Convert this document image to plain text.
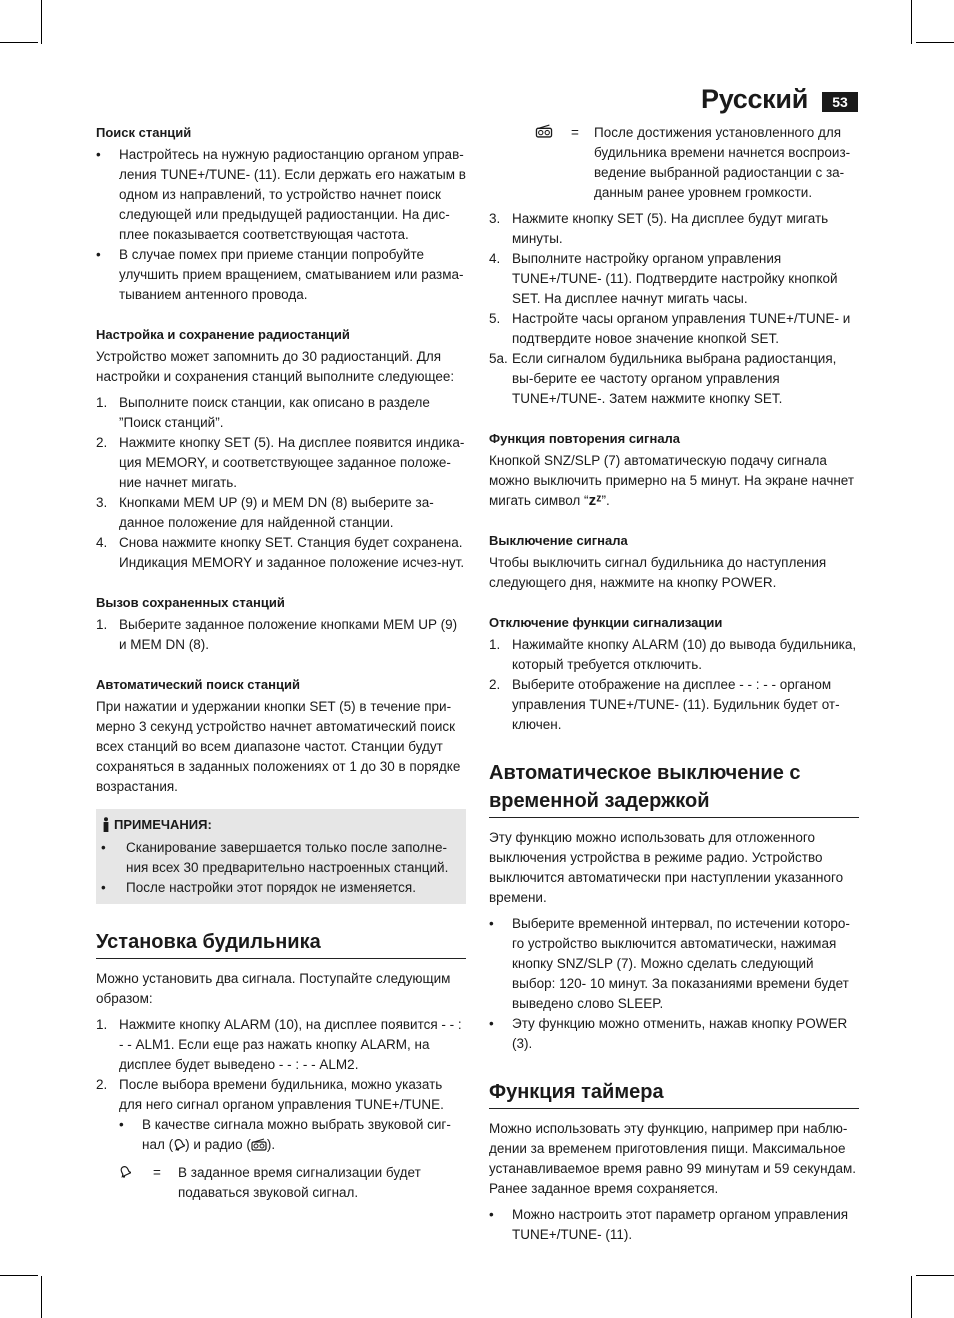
Русский	53
Поиск станций
• Настройтесь на нужную радиостанцию органом управ-ления TUNE+/TUNE- (11). Если держать его нажатым в одном из направлений, то устройство начнет поиск следующей или предыдущей радиостанции. На дис-плее показывается соответствующая частота.
• В случае помех при приеме станции попробуйте улучшить прием вращением, сматыванием или разма-тыванием антенного провода.
Настройка и сохранение радиостанций

Устройство может запомнить до 30 радиостанций. Для настройки и сохранения станций выполните следующее:

1. Выполните поиск станции, как описано в разделе ”Поиск станций”.
2. Нажмите кнопку SET (5). На дисплее появится индика-ция MEMORY, и соответствующее заданное положе-ние начнет мигать.
3. Кнопками MEM UP (9) и MEM DN (8) выберите за-данное положение для найденной станции.
4. Снова нажмите кнопку SET. Станция будет сохранена. Индикация MEMORY и заданное положение исчез-нут.
Вызов сохраненных станций
1. Выберите заданное положение кнопками MEM UP (9) и MEM DN (8).
Автоматический поиск станций

При нажатии и удержании кнопки SET (5) в течение при-мерно 3 секунд устройство начнет автоматический поиск всех станций во всем диапазоне частот. Станции будут сохраняться в заданных положениях от 1 до 30 в порядке возрастания.

ПРИМЕЧАНИЯ:
• Сканирование завершается только после заполне-ния всех 30 предварительно настроенных станций.
• После настройки этот порядок не изменяется.
Установка будильника

Можно установить два сигнала. Поступайте следующим образом:

1. Нажмите кнопку ALARM (10), на дисплее появится - - : - - ALM1. Если еще раз нажать кнопку ALARM, на дисплее будет выведено - - : - - ALM2.
2. После выбора времени будильника, можно указать для него сигнал органом управления TUNE+/TUNE.
• В качестве сигнала можно выбрать звуковой сиг-нал ( ) и радио ( ).
= В заданное время сигнализации будет подаваться звуковой сигнал.
= После достижения установленного для будильника времени начнется воспроиз-ведение выбранной радиостанции с за-данным ранее уровнем громкости.
3. Нажмите кнопку SET (5). На дисплее будут мигать минуты.
4. Выполните настройку органом управления TUNE+/TUNE- (11). Подтвердите настройку кнопкой SET. На дисплее начнут мигать часы.
5. Настройте часы органом управления TUNE+/TUNE- и подтвердите новое значение кнопкой SET.
5a. Если сигналом будильника выбрана радиостанция, вы-берите ее частоту органом управления TUNE+/TUNE-. Затем нажмите кнопку SET.
Функция повторения сигнала

Кнопкой SNZ/SLP (7) автоматическую подачу сигнала можно выключить примерно на 5 минут. На экране начнет мигать символ “zᶻ”.

Выключение сигнала

Чтобы выключить сигнал будильника до наступления следующего дня, нажмите на кнопку POWER.

Отключение функции сигнализации
1. Нажимайте кнопку ALARM (10) до вывода будильника, который требуется отключить.
2. Выберите отображение на дисплее - - : - - органом управления TUNE+/TUNE- (11). Будильник будет от-ключен.
Автоматическое выключение с временной задержкой

Эту функцию можно использовать для отложенного выключения устройства в режиме радио. Устройство выключится автоматически при наступлении указанного времени.

• Выберите временной интервал, по истечении которо-го устройство выключится автоматически, нажимая кнопку SNZ/SLP (7). Можно сделать следующий выбор: 120- 10 минут. За показаниями времени будет выведено слово SLEEP.
• Эту функцию можно отменить, нажав кнопку POWER (3).
Функция таймера

Можно использовать эту функцию, например при наблю-дении за временем приготовления пищи. Максимальное устанавливаемое время равно 99 минутам и 59 секундам. Ранее заданное время сохраняется.

• Можно настроить этот параметр органом управления TUNE+/TUNE- (11).
